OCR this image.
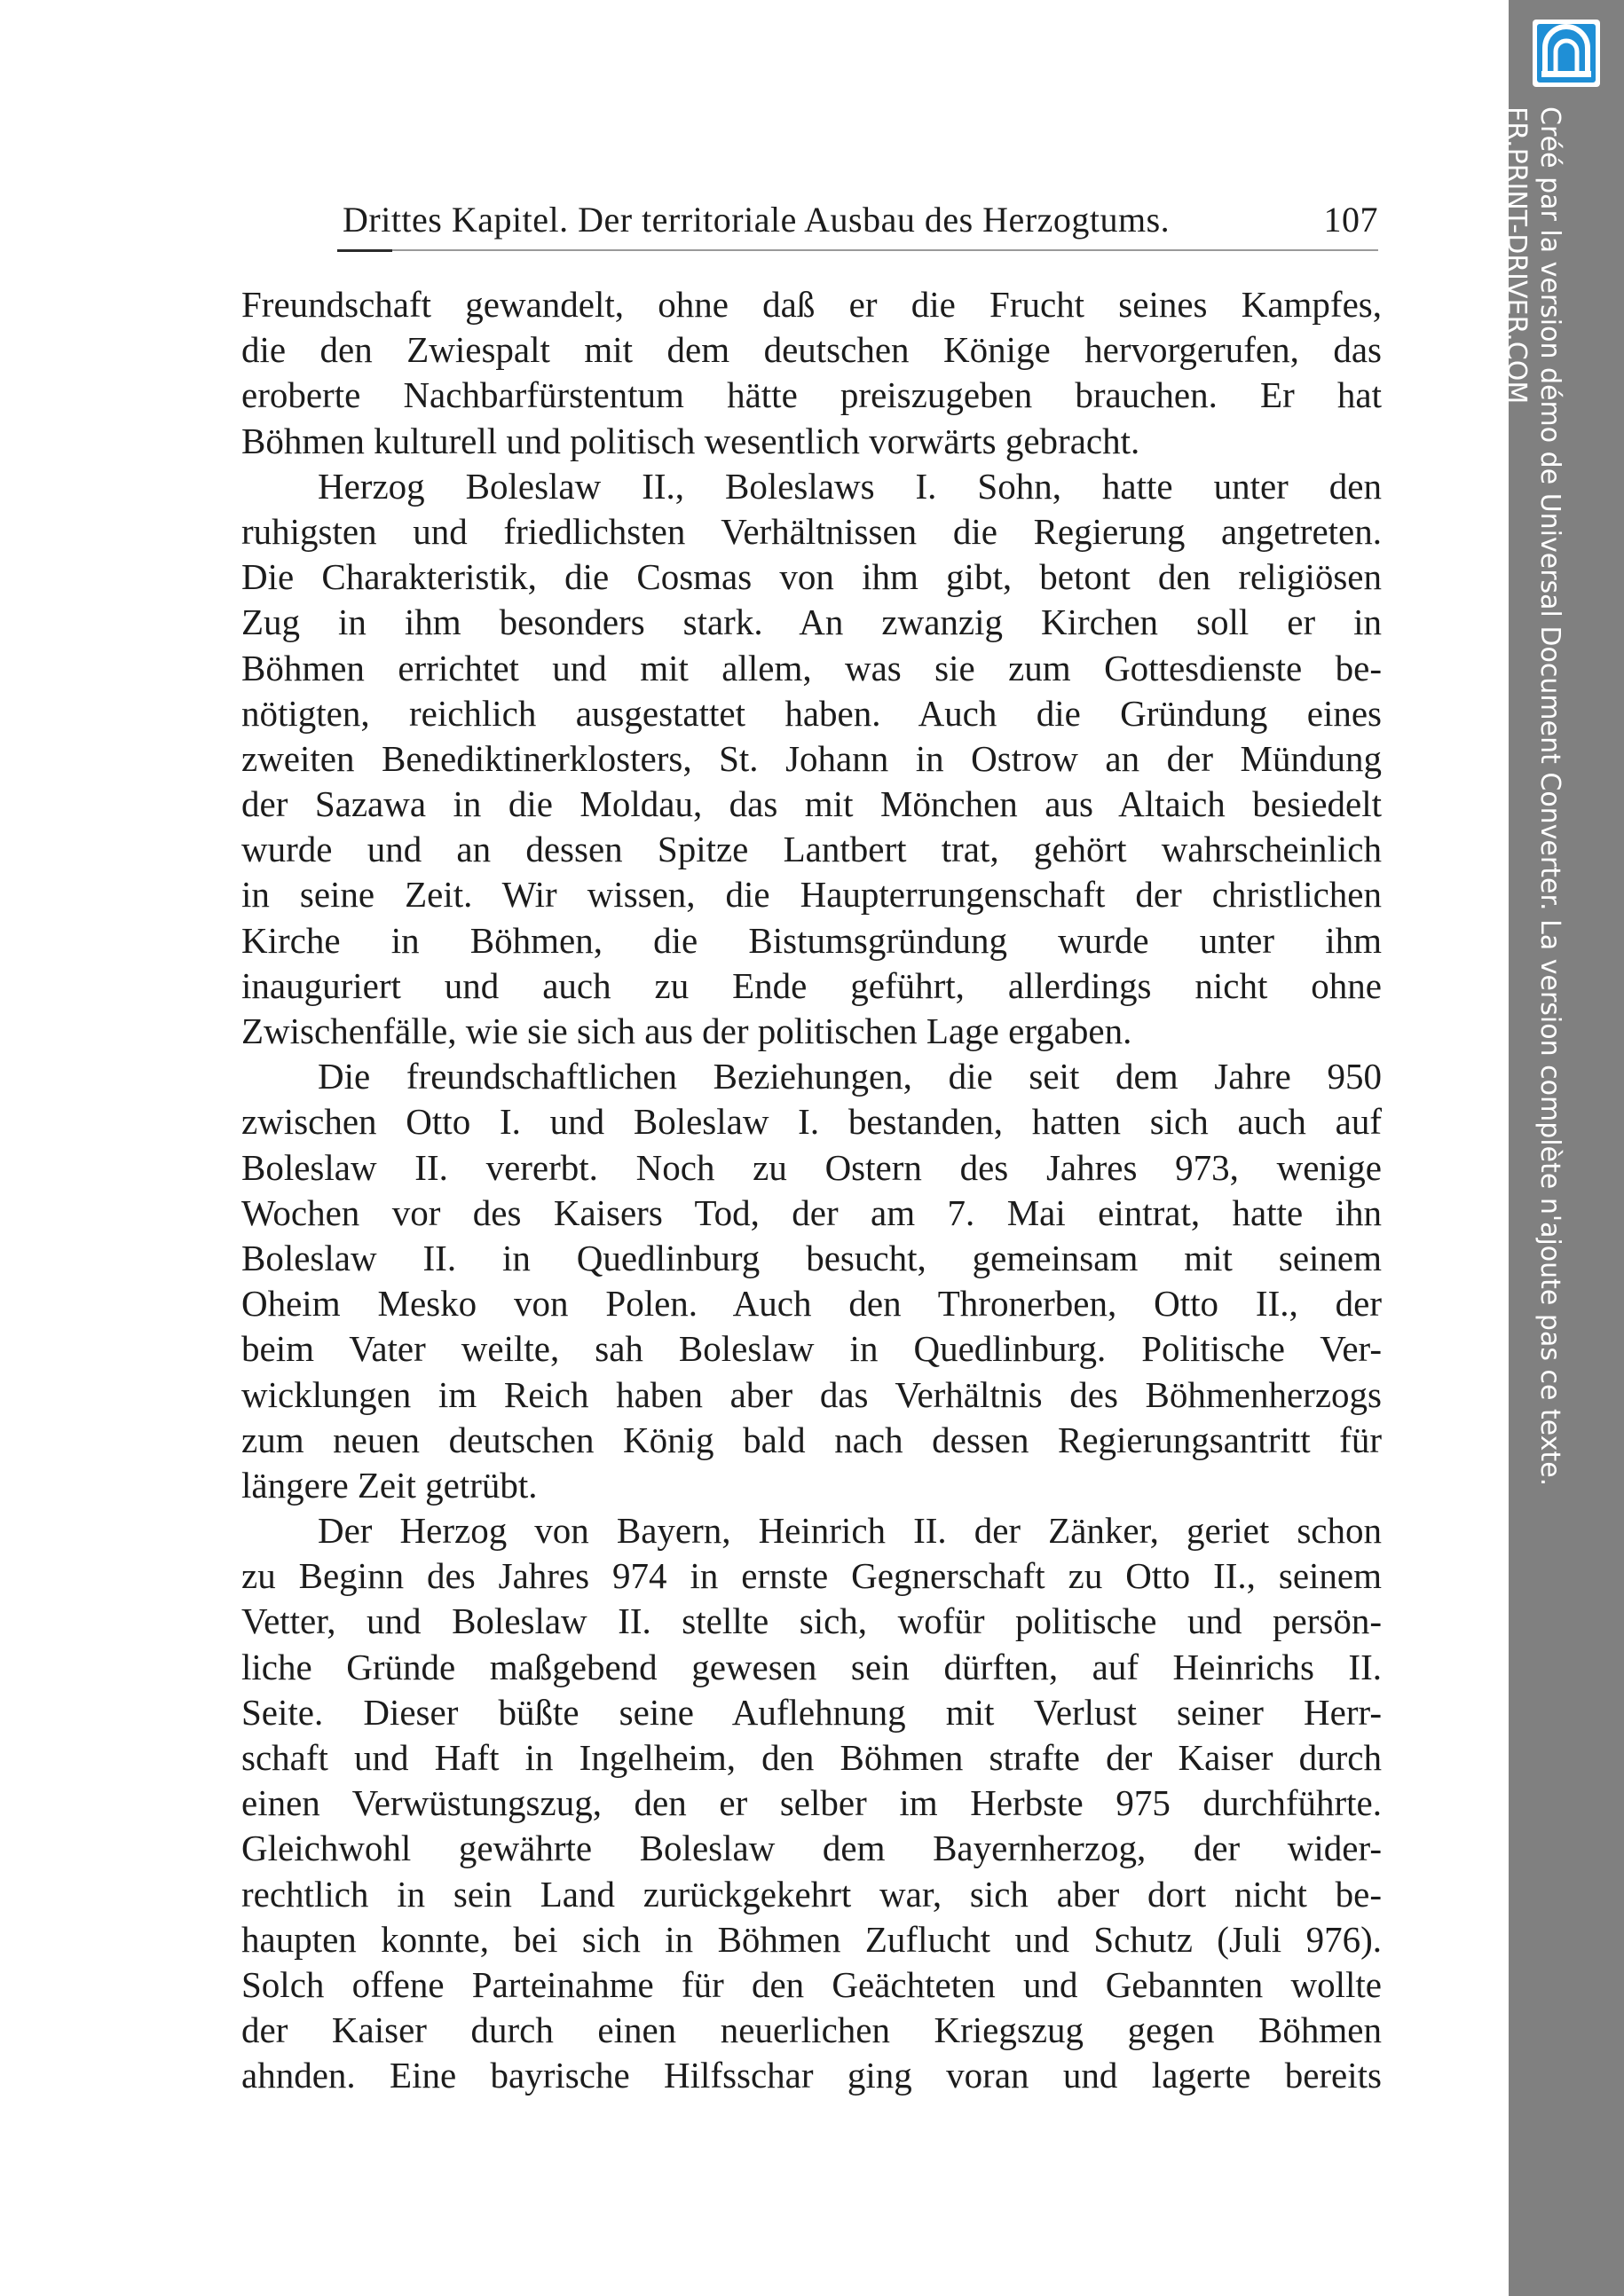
Drittes Kapitel. Der territoriale Ausbau des Herzogtums.	107
Freundschaft gewandelt, ohne daß er die Frucht seines Kampfes,
die den Zwiespalt mit dem deutschen Könige hervorgerufen, das
eroberte Nachbarfürstentum hätte preiszugeben brauchen. Er hat
Böhmen kulturell und politisch wesentlich vorwärts gebracht.
Herzog Boleslaw II., Boleslaws I. Sohn, hatte unter den
ruhigsten und friedlichsten Verhältnissen die Regierung angetreten.
Die Charakteristik, die Cosmas von ihm gibt, betont den religiösen
Zug in ihm besonders stark. An zwanzig Kirchen soll er in
Böhmen errichtet und mit allem, was sie zum Gottesdienste be-
nötigten, reichlich ausgestattet haben. Auch die Gründung eines
zweiten Benediktinerklosters, St. Johann in Ostrow an der Mündung
der Sazawa in die Moldau, das mit Mönchen aus Altaich besiedelt
wurde und an dessen Spitze Lantbert trat, gehört wahrscheinlich
in seine Zeit. Wir wissen, die Haupterrungenschaft der christlichen
Kirche in Böhmen, die Bistumsgründung wurde unter ihm
inauguriert und auch zu Ende geführt, allerdings nicht ohne
Zwischenfälle, wie sie sich aus der politischen Lage ergaben.
Die freundschaftlichen Beziehungen, die seit dem Jahre 950
zwischen Otto I. und Boleslaw I. bestanden, hatten sich auch auf
Boleslaw II. vererbt. Noch zu Ostern des Jahres 973, wenige
Wochen vor des Kaisers Tod, der am 7. Mai eintrat, hatte ihn
Boleslaw II. in Quedlinburg besucht, gemeinsam mit seinem
Oheim Mesko von Polen. Auch den Thronerben, Otto II., der
beim Vater weilte, sah Boleslaw in Quedlinburg. Politische Ver-
wicklungen im Reich haben aber das Verhältnis des Böhmenherzogs
zum neuen deutschen König bald nach dessen Regierungsantritt für
längere Zeit getrübt.
Der Herzog von Bayern, Heinrich II. der Zänker, geriet schon
zu Beginn des Jahres 974 in ernste Gegnerschaft zu Otto II., seinem
Vetter, und Boleslaw II. stellte sich, wofür politische und persön-
liche Gründe maßgebend gewesen sein dürften, auf Heinrichs II.
Seite. Dieser büßte seine Auflehnung mit Verlust seiner Herr-
schaft und Haft in Ingelheim, den Böhmen strafte der Kaiser durch
einen Verwüstungszug, den er selber im Herbste 975 durchführte.
Gleichwohl gewährte Boleslaw dem Bayernherzog, der wider-
rechtlich in sein Land zurückgekehrt war, sich aber dort nicht be-
haupten konnte, bei sich in Böhmen Zuflucht und Schutz (Juli 976).
Solch offene Parteinahme für den Geächteten und Gebannten wollte
der Kaiser durch einen neuerlichen Kriegszug gegen Böhmen
ahnden. Eine bayrische Hilfsschar ging voran und lagerte bereits
Créé par la version démo de Universal Document Converter. La version complète n'ajoute pas ce texte.
FR.PRINT-DRIVER.COM
